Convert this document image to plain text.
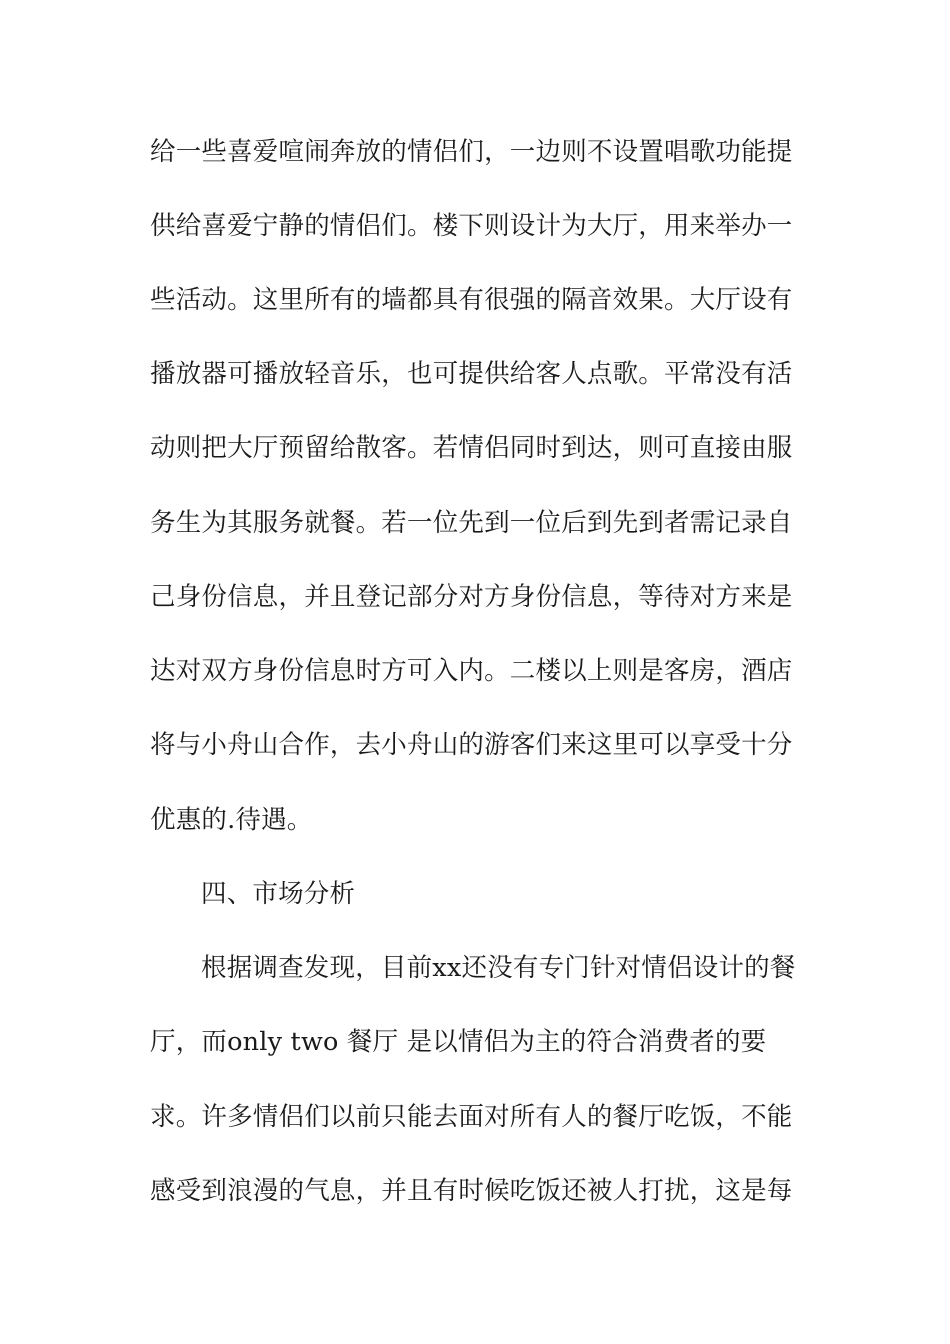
给一些喜爱喧闹奔放的情侣们，一边则不设置唱歌功能提
供给喜爱宁静的情侣们。楼下则设计为大厅，用来举办一
些活动。这里所有的墙都具有很强的隔音效果。大厅设有
播放器可播放轻音乐，也可提供给客人点歌。平常没有活
动则把大厅预留给散客。若情侣同时到达，则可直接由服
务生为其服务就餐。若一位先到一位后到先到者需记录自
己身份信息，并且登记部分对方身份信息，等待对方来是
达对双方身份信息时方可入内。二楼以上则是客房，酒店
将与小舟山合作，去小舟山的游客们来这里可以享受十分
优惠的.待遇。
四、市场分析
根据调查发现，目前xx还没有专门针对情侣设计的餐
厅，而only two 餐厅 是以情侣为主的符合消费者的要
求。许多情侣们以前只能去面对所有人的餐厅吃饭，不能
感受到浪漫的气息，并且有时候吃饭还被人打扰，这是每
